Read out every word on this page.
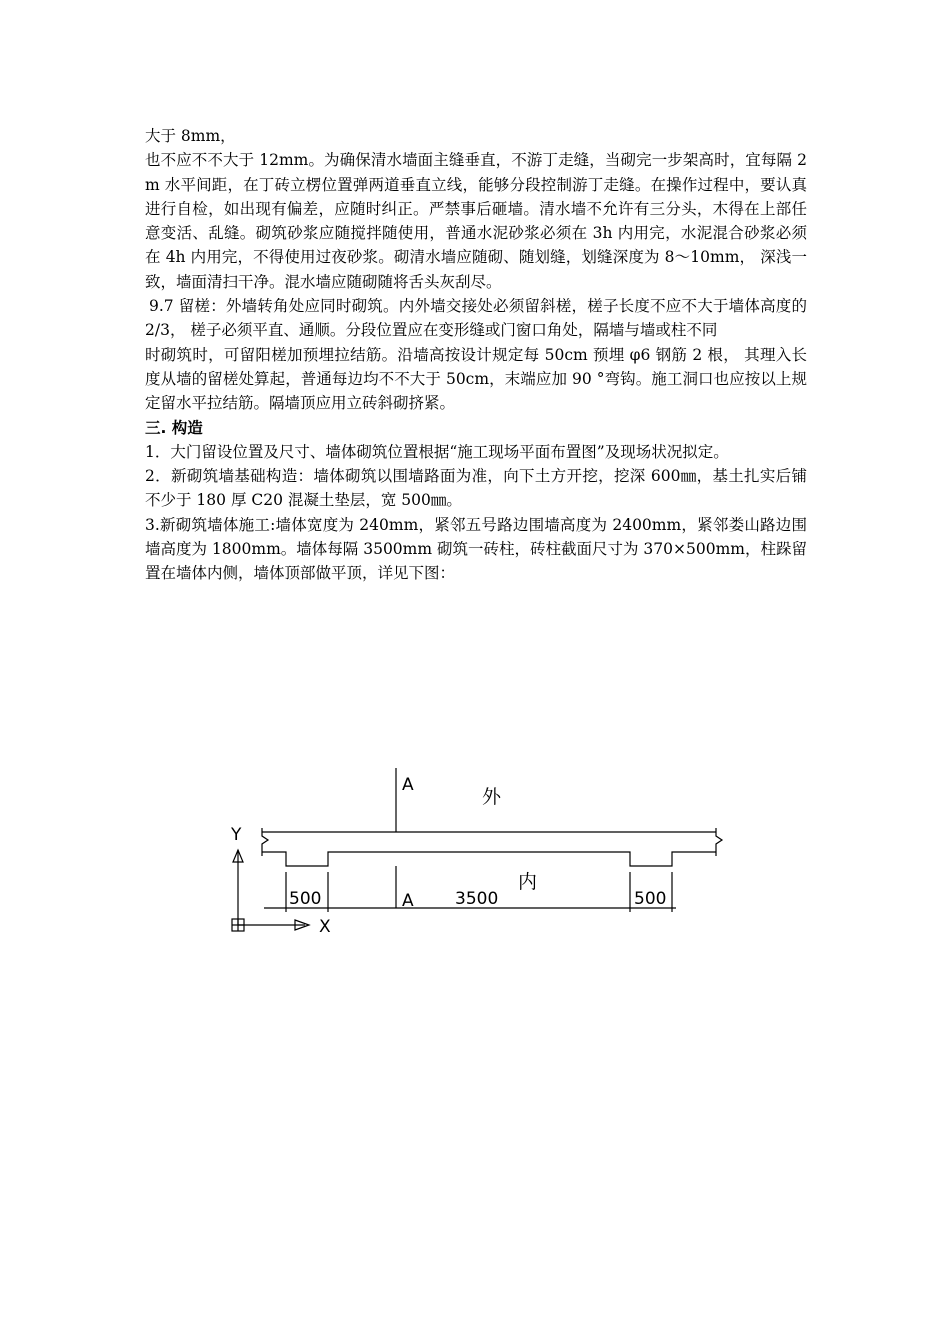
大于 8mm，

也不应不不大于 12mm。为确保清水墙面主缝垂直，不游丁走缝，当砌完一步架高时，宜每隔 2m 水平间距，在丁砖立楞位置弹两道垂直立线，能够分段控制游丁走缝。在操作过程中，要认真进行自检，如出现有偏差，应随时纠正。严禁事后砸墙。清水墙不允许有三分头，木得在上部任意变活、乱缝。砌筑砂浆应随搅拌随使用，普通水泥砂浆必须在 3h 内用完，水泥混合砂浆必须在 4h 内用完，不得使用过夜砂浆。砌清水墙应随砌、随划缝，划缝深度为 8～10mm， 深浅一致，墙面清扫干净。混水墙应随砌随将舌头灰刮尽。

9.7 留槎：外墙转角处应同时砌筑。内外墙交接处必须留斜槎，槎子长度不应不大于墙体高度的 2/3， 槎子必须平直、通顺。分段位置应在变形缝或门窗口角处，隔墙与墙或柱不同

时砌筑时，可留阳槎加预埋拉结筋。沿墙高按设计规定每 50cm 预埋 φ6 钢筋 2 根， 其理入长度从墙的留槎处算起，普通每边均不不大于 50cm，末端应加 90 °弯钩。施工洞口也应按以上规定留水平拉结筋。隔墙顶应用立砖斜砌挤紧。

三. 构造

1．大门留设位置及尺寸、墙体砌筑位置根据“施工现场平面布置图”及现场状况拟定。

2．新砌筑墙基础构造：墙体砌筑以围墙路面为准，向下土方开挖，挖深 600㎜，基土扎实后铺不少于 180 厚 C20 混凝土垫层，宽 500㎜。

3.新砌筑墙体施工:墙体宽度为 240mm，紧邻五号路边围墙高度为 2400mm，紧邻娄山路边围墙高度为 1800mm。墙体每隔 3500mm 砌筑一砖柱，砖柱截面尺寸为 370×500mm，柱跺留置在墙体内侧，墙体顶部做平顶，详见下图：

A
A
外
内
Y
X
500	3500	500
